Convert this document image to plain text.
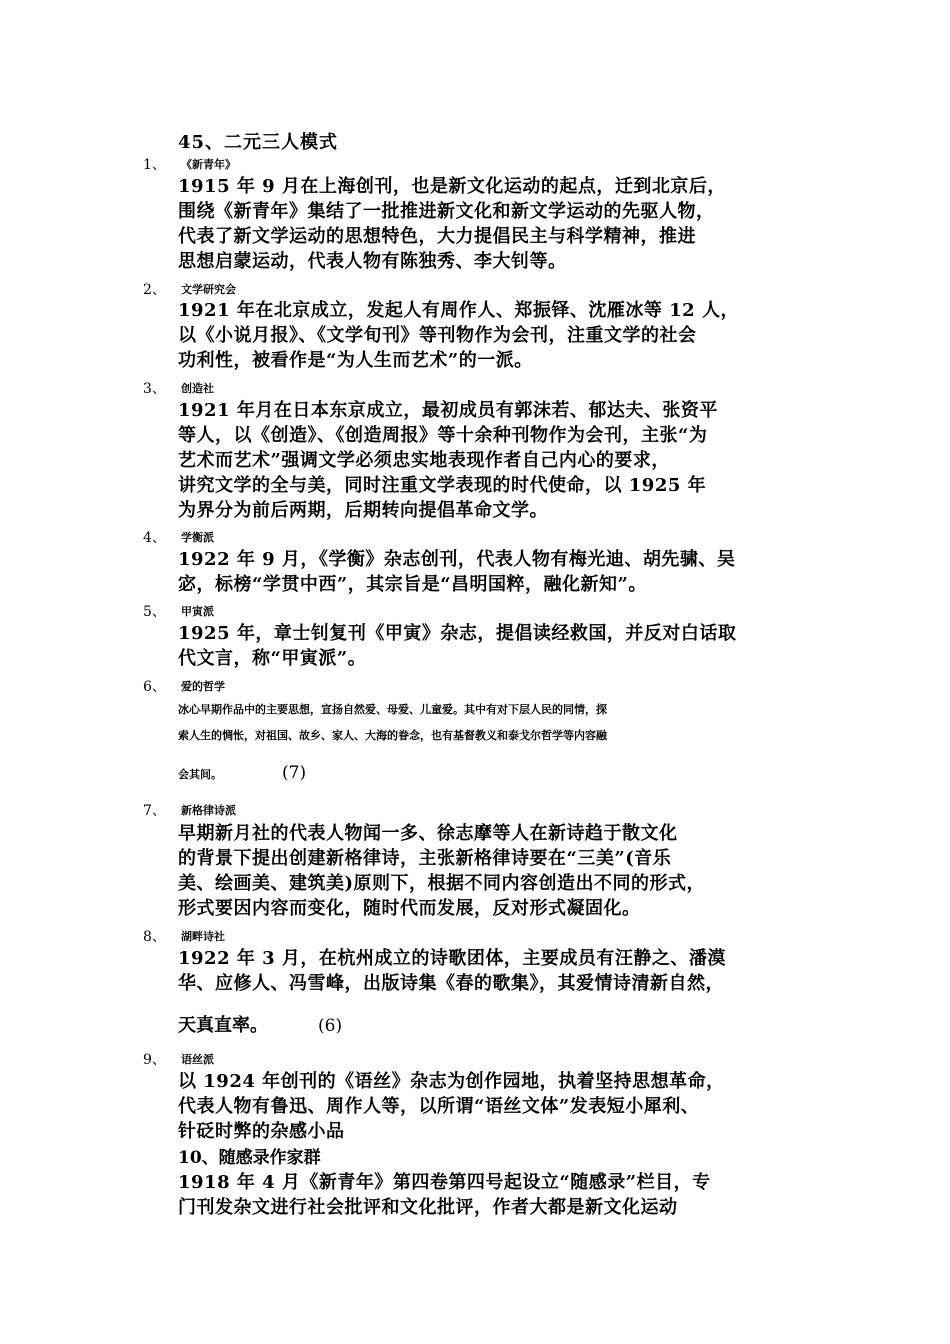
45、二元三人模式
1、 《新青年》
1915 年 9 月在上海创刊，也是新文化运动的起点，迁到北京后，
围绕《新青年》集结了一批推进新文化和新文学运动的先驱人物，
代表了新文学运动的思想特色，大力提倡民主与科学精神，推进
思想启蒙运动，代表人物有陈独秀、李大钊等。
2、 文学研究会
1921 年在北京成立，发起人有周作人、郑振铎、沈雁冰等 12 人，
以《小说月报》、《文学旬刊》等刊物作为会刊，注重文学的社会
功利性，被看作是“为人生而艺术”的一派。
3、 创造社
1921 年月在日本东京成立，最初成员有郭沫若、郁达夫、张资平
等人，以《创造》、《创造周报》等十余种刊物作为会刊，主张“为
艺术而艺术”强调文学必须忠实地表现作者自己内心的要求，
讲究文学的全与美，同时注重文学表现的时代使命，以 1925 年
为界分为前后两期，后期转向提倡革命文学。
4、 学衡派
1922 年 9 月，《学衡》杂志创刊，代表人物有梅光迪、胡先骕、吴
宓，标榜“学贯中西”，其宗旨是“昌明国粹，融化新知”。
5、 甲寅派
1925 年，章士钊复刊《甲寅》杂志，提倡读经救国，并反对白话取
代文言，称“甲寅派”。
6、 爱的哲学
冰心早期作品中的主要思想，宣扬自然爱、母爱、儿童爱。其中有对下层人民的同情，探
索人生的惆怅，对祖国、故乡、家人、大海的眷念，也有基督教义和泰戈尔哲学等内容融
会其间。	(7)
7、 新格律诗派
早期新月社的代表人物闻一多、徐志摩等人在新诗趋于散文化
的背景下提出创建新格律诗，主张新格律诗要在“三美”(音乐
美、绘画美、建筑美)原则下，根据不同内容创造出不同的形式，
形式要因内容而变化，随时代而发展，反对形式凝固化。
8、 湖畔诗社
1922 年 3 月，在杭州成立的诗歌团体，主要成员有汪静之、潘漠
华、应修人、冯雪峰，出版诗集《春的歌集》，其爱情诗清新自然，
天真直率。	(6)
9、 语丝派
以 1924 年创刊的《语丝》杂志为创作园地，执着坚持思想革命，
代表人物有鲁迅、周作人等，以所谓“语丝文体”发表短小犀利、
针砭时弊的杂感小品
10、随感录作家群
1918 年 4 月《新青年》第四卷第四号起设立“随感录”栏目，专
门刊发杂文进行社会批评和文化批评，作者大都是新文化运动
